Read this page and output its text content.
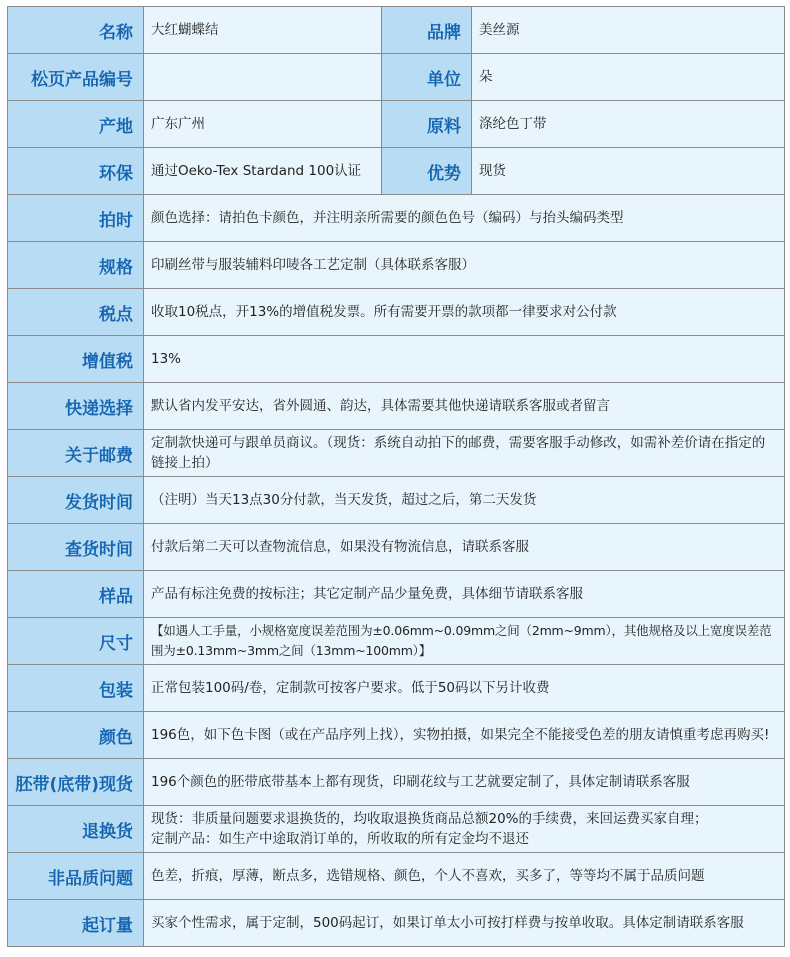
名称	大红蝴蝶结	品牌	美丝源
松页产品编号		单位	朵
产地	广东广州	原料	涤纶色丁带
环保	通过Oeko-Tex Stardand 100认证	优势	现货
拍时	颜色选择：请拍色卡颜色，并注明亲所需要的颜色色号（编码）与抬头编码类型		
规格	印刷丝带与服装辅料印唛各工艺定制（具体联系客服）		
税点	收取10税点，开13%的增值税发票。所有需要开票的款项都一律要求对公付款		
增值税	13%		
快递选择	默认省内发平安达，省外圆通、韵达，具体需要其他快递请联系客服或者留言		
关于邮费	定制款快递可与跟单员商议。（现货：系统自动拍下的邮费，需要客服手动修改，如需补差价请在指定的链接上拍）		
发货时间	（注明）当天13点30分付款，当天发货，超过之后，第二天发货		
查货时间	付款后第二天可以查物流信息，如果没有物流信息，请联系客服		
样品	产品有标注免费的按标注；其它定制产品少量免费，具体细节请联系客服		
尺寸	【如遇人工手量，小规格宽度误差范围为±0.06mm~0.09mm之间（2mm~9mm），其他规格及以上宽度误差范围为±0.13mm~3mm之间（13mm~100mm）】		
包装	正常包装100码/卷，定制款可按客户要求。低于50码以下另计收费		
颜色	196色，如下色卡图（或在产品序列上找），实物拍摄，如果完全不能接受色差的朋友请慎重考虑再购买!		
胚带(底带)现货	196个颜色的胚带底带基本上都有现货，印刷花纹与工艺就要定制了，具体定制请联系客服		
退换货	现货：非质量问题要求退换货的，均收取退换货商品总额20%的手续费，来回运费买家自理；
定制产品：如生产中途取消订单的，所收取的所有定金均不退还		

非品质问题	色差，折痕，厚薄，断点多，选错规格、颜色，个人不喜欢，买多了，等等均不属于品质问题		
起订量	买家个性需求，属于定制，500码起订，如果订单太小可按打样费与按单收取。具体定制请联系客服		
